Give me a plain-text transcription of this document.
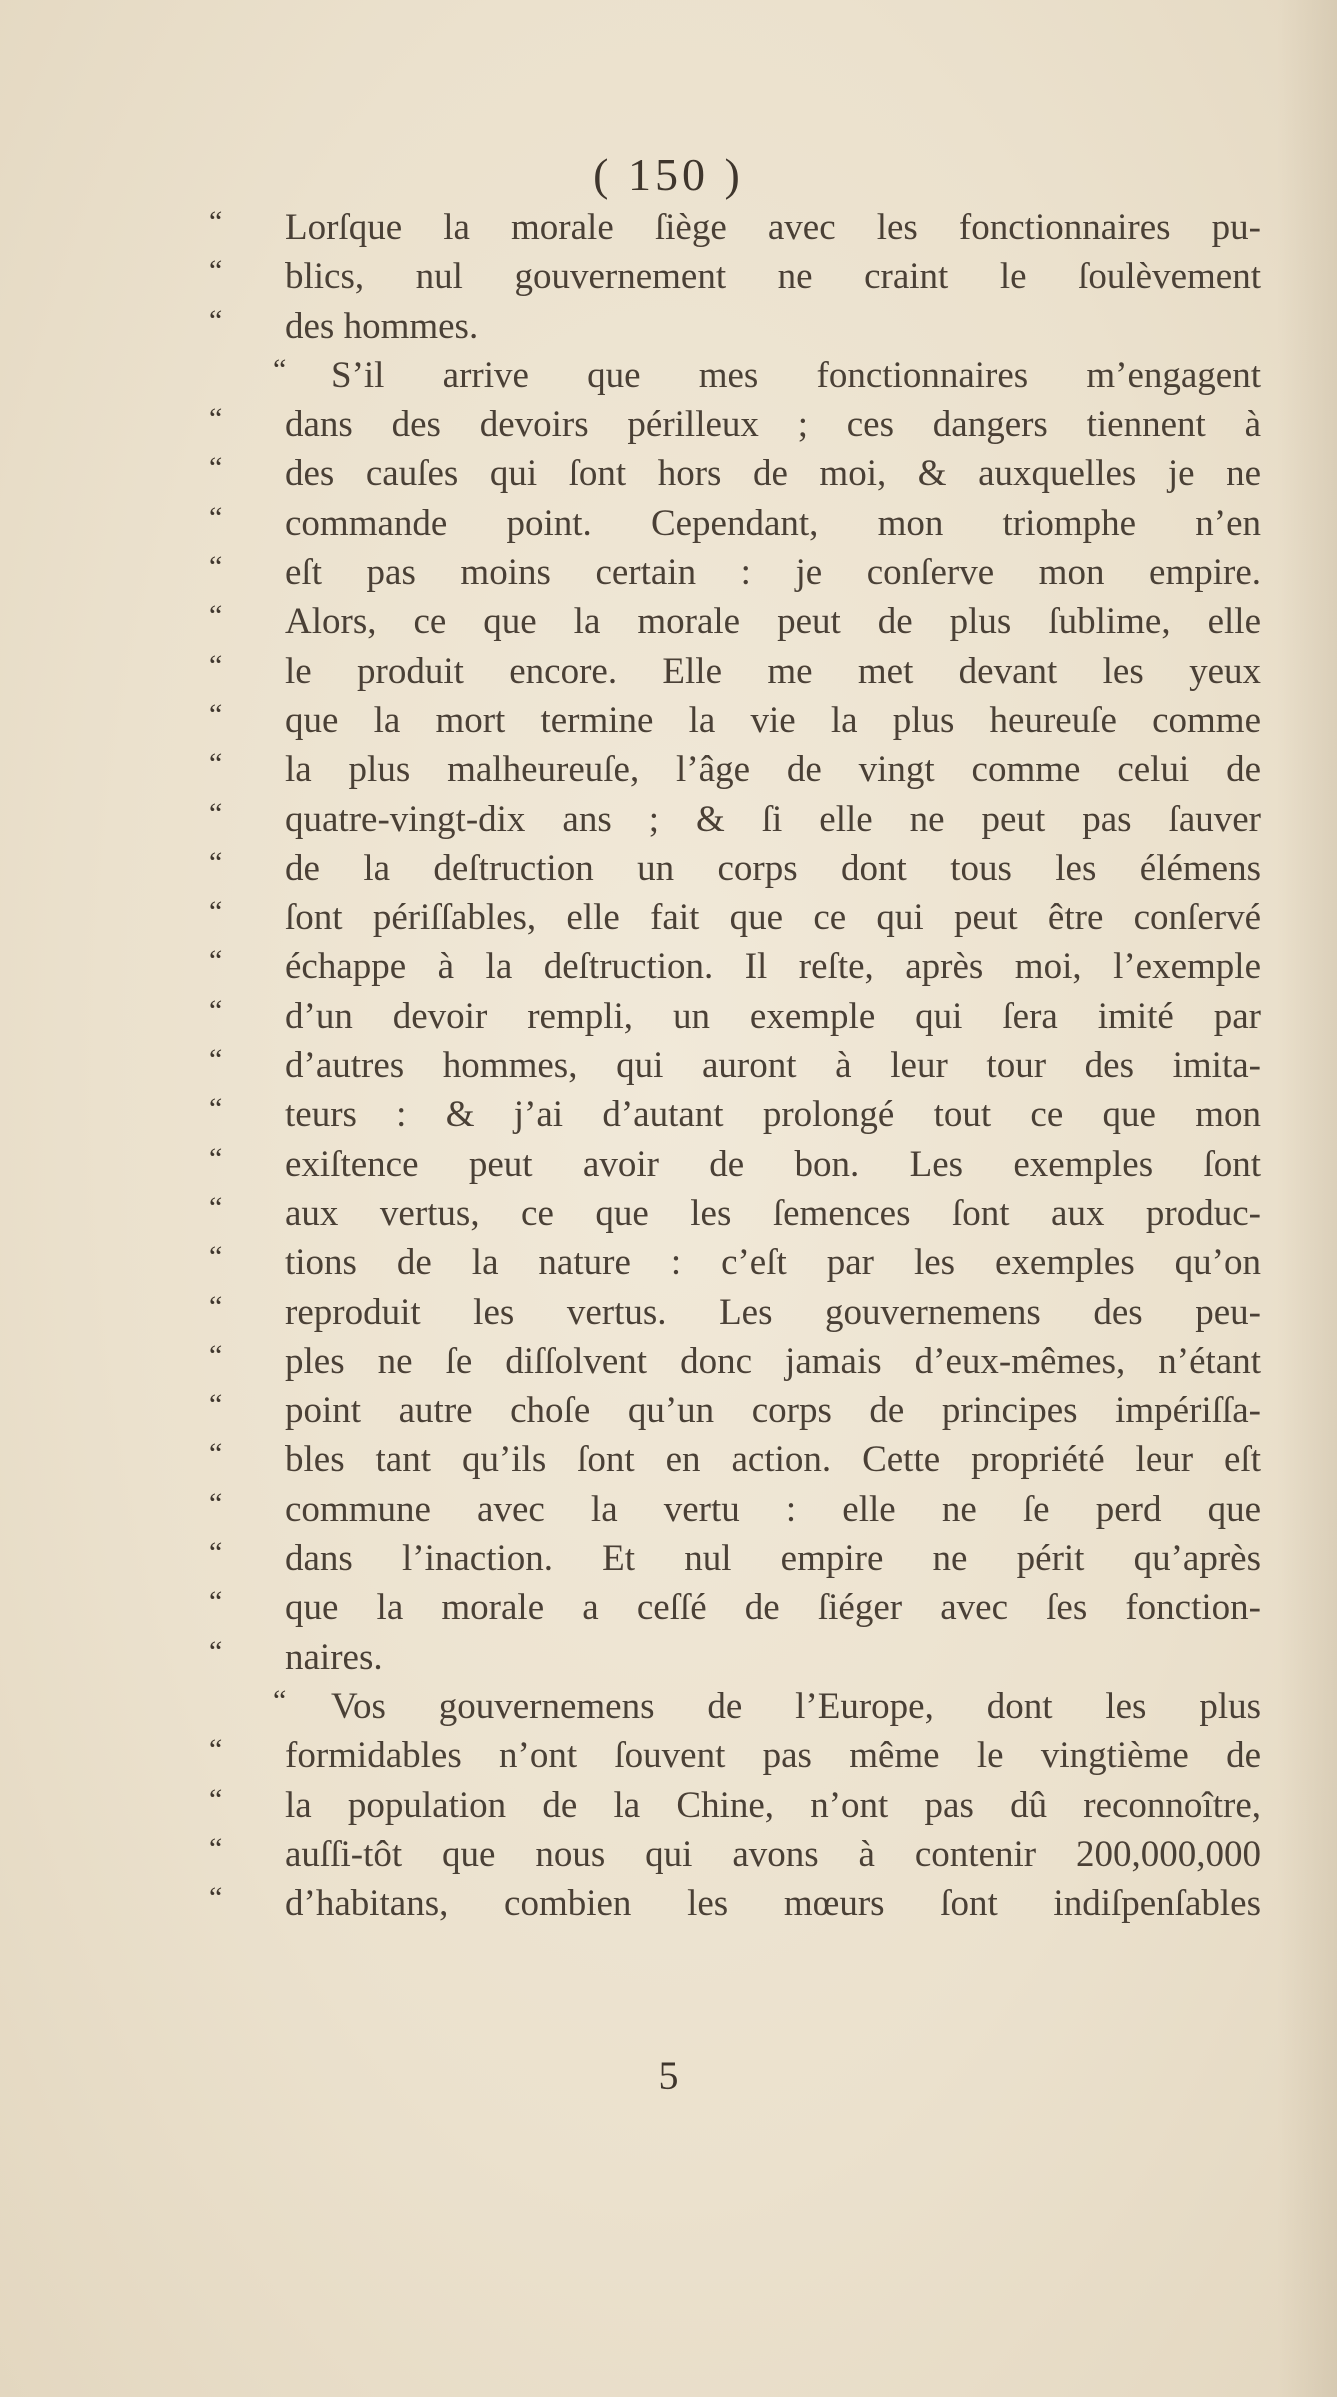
( 150 )
“ Lorſque la morale ſiège avec les fonctionnaires pu-
“ blics, nul gouvernement ne craint le ſoulèvement
“ des hommes.
“ S’il arrive que mes fonctionnaires m’engagent
“ dans des devoirs périlleux ; ces dangers tiennent à
“ des cauſes qui ſont hors de moi, & auxquelles je ne
“ commande point. Cependant, mon triomphe n’en
“ eſt pas moins certain : je conſerve mon empire.
“ Alors, ce que la morale peut de plus ſublime, elle
“ le produit encore. Elle me met devant les yeux
“ que la mort termine la vie la plus heureuſe comme
“ la plus malheureuſe, l’âge de vingt comme celui de
“ quatre-vingt-dix ans ; & ſi elle ne peut pas ſauver
“ de la deſtruction un corps dont tous les élémens
“ ſont périſſables, elle fait que ce qui peut être conſervé
“ échappe à la deſtruction. Il reſte, après moi, l’exemple
“ d’un devoir rempli, un exemple qui ſera imité par
“ d’autres hommes, qui auront à leur tour des imita-
“ teurs : & j’ai d’autant prolongé tout ce que mon
“ exiſtence peut avoir de bon. Les exemples ſont
“ aux vertus, ce que les ſemences ſont aux produc-
“ tions de la nature : c’eſt par les exemples qu’on
“ reproduit les vertus. Les gouvernemens des peu-
“ ples ne ſe diſſolvent donc jamais d’eux-mêmes, n’étant
“ point autre choſe qu’un corps de principes impériſſa-
“ bles tant qu’ils ſont en action. Cette propriété leur eſt
“ commune avec la vertu : elle ne ſe perd que
“ dans l’inaction. Et nul empire ne périt qu’après
“ que la morale a ceſſé de ſiéger avec ſes fonction-
“ naires.
“ Vos gouvernemens de l’Europe, dont les plus
“ formidables n’ont ſouvent pas même le vingtième de
“ la population de la Chine, n’ont pas dû reconnoître,
“ auſſi-tôt que nous qui avons à contenir 200,000,000
“ d’habitans, combien les mœurs ſont indiſpenſables
5
